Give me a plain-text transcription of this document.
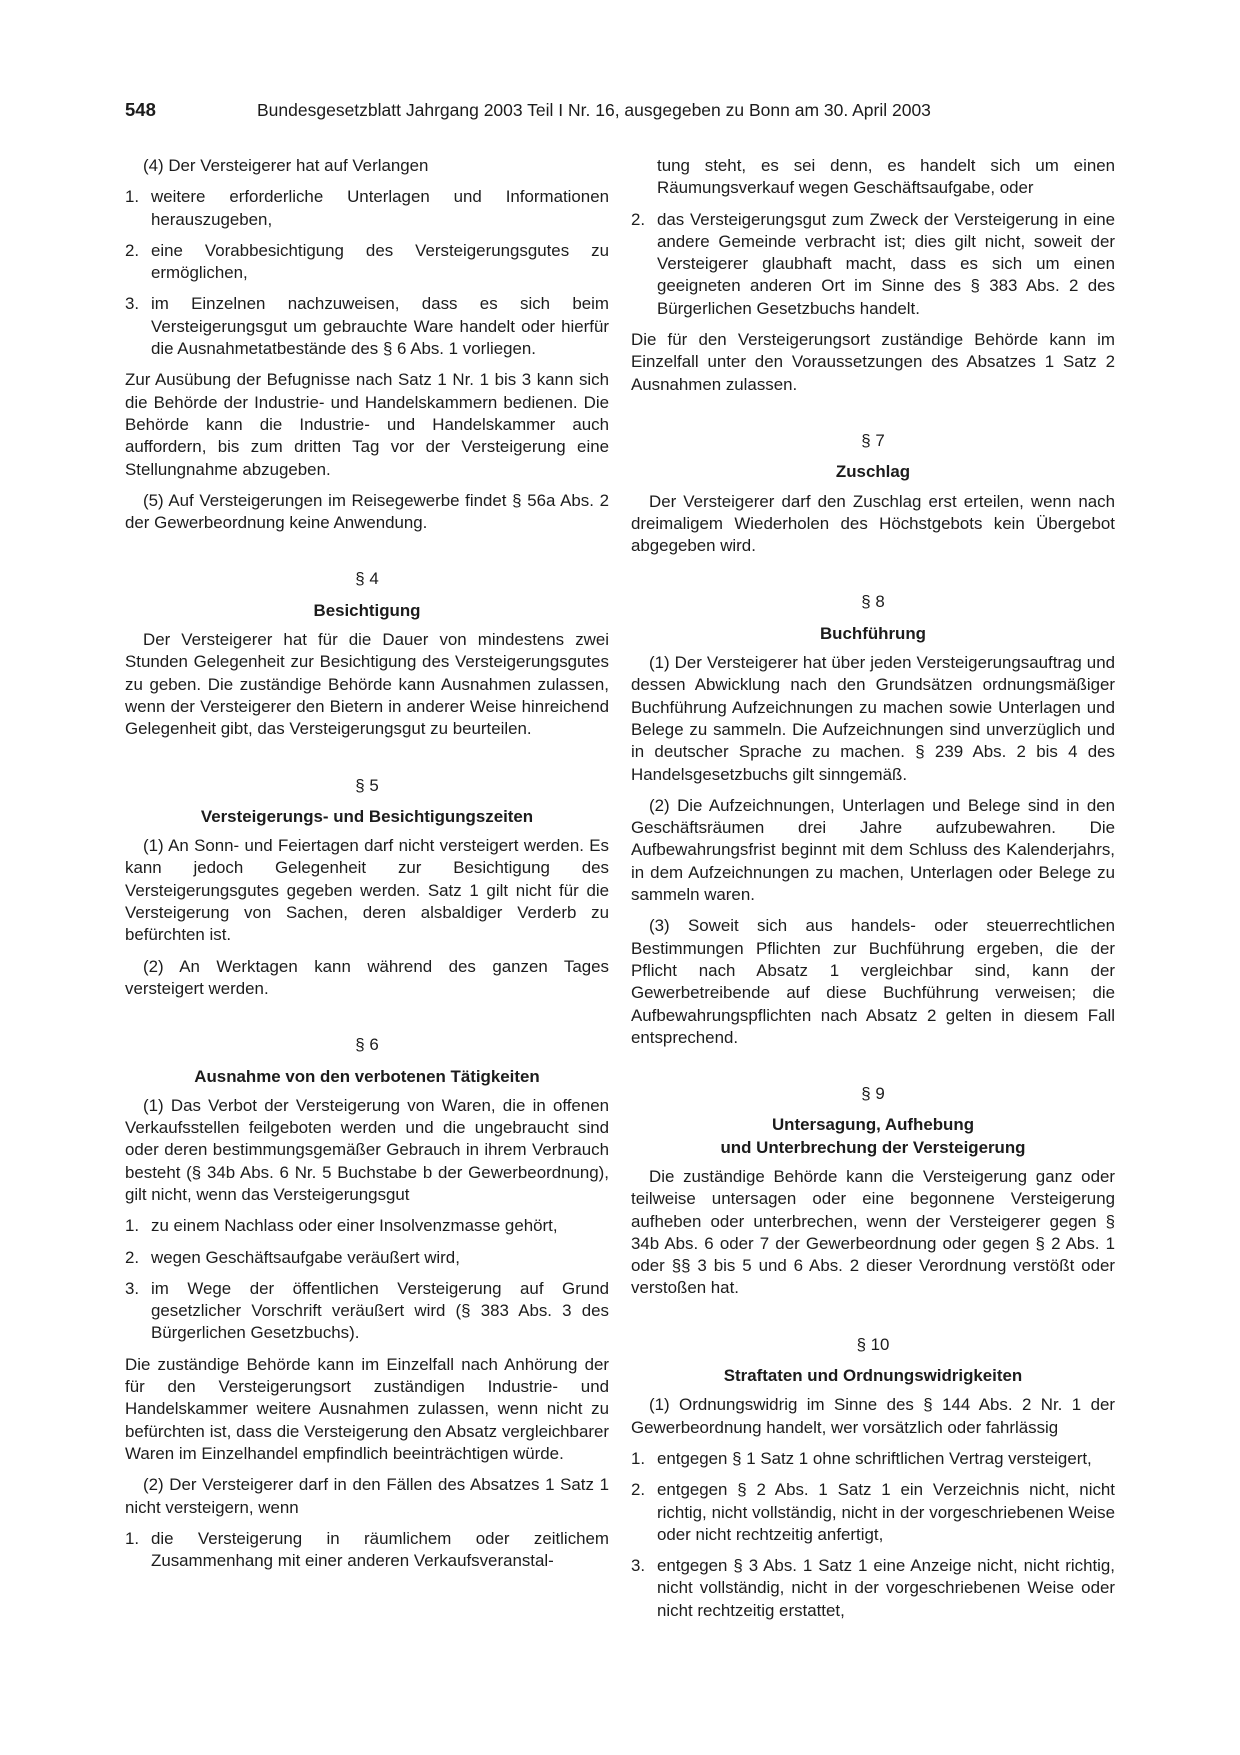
548	Bundesgesetzblatt Jahrgang 2003 Teil I Nr. 16, ausgegeben zu Bonn am 30. April 2003

(4) Der Versteigerer hat auf Verlangen

1. weitere erforderliche Unterlagen und Informationen herauszugeben,
2. eine Vorabbesichtigung des Versteigerungsgutes zu ermöglichen,
3. im Einzelnen nachzuweisen, dass es sich beim Versteigerungsgut um gebrauchte Ware handelt oder hierfür die Ausnahmetatbestände des § 6 Abs. 1 vorliegen.

Zur Ausübung der Befugnisse nach Satz 1 Nr. 1 bis 3 kann sich die Behörde der Industrie- und Handelskammern bedienen. Die Behörde kann die Industrie- und Handelskammer auch auffordern, bis zum dritten Tag vor der Versteigerung eine Stellungnahme abzugeben.

(5) Auf Versteigerungen im Reisegewerbe findet § 56a Abs. 2 der Gewerbeordnung keine Anwendung.

§ 4
Besichtigung

Der Versteigerer hat für die Dauer von mindestens zwei Stunden Gelegenheit zur Besichtigung des Versteigerungsgutes zu geben. Die zuständige Behörde kann Ausnahmen zulassen, wenn der Versteigerer den Bietern in anderer Weise hinreichend Gelegenheit gibt, das Versteigerungsgut zu beurteilen.

§ 5
Versteigerungs- und Besichtigungszeiten

(1) An Sonn- und Feiertagen darf nicht versteigert werden. Es kann jedoch Gelegenheit zur Besichtigung des Versteigerungsgutes gegeben werden. Satz 1 gilt nicht für die Versteigerung von Sachen, deren alsbaldiger Verderb zu befürchten ist.

(2) An Werktagen kann während des ganzen Tages versteigert werden.

§ 6
Ausnahme von den verbotenen Tätigkeiten

(1) Das Verbot der Versteigerung von Waren, die in offenen Verkaufsstellen feilgeboten werden und die ungebraucht sind oder deren bestimmungsgemäßer Gebrauch in ihrem Verbrauch besteht (§ 34b Abs. 6 Nr. 5 Buchstabe b der Gewerbeordnung), gilt nicht, wenn das Versteigerungsgut

1. zu einem Nachlass oder einer Insolvenzmasse gehört,
2. wegen Geschäftsaufgabe veräußert wird,
3. im Wege der öffentlichen Versteigerung auf Grund gesetzlicher Vorschrift veräußert wird (§ 383 Abs. 3 des Bürgerlichen Gesetzbuchs).

Die zuständige Behörde kann im Einzelfall nach Anhörung der für den Versteigerungsort zuständigen Industrie- und Handelskammer weitere Ausnahmen zulassen, wenn nicht zu befürchten ist, dass die Versteigerung den Absatz vergleichbarer Waren im Einzelhandel empfindlich beeinträchtigen würde.

(2) Der Versteigerer darf in den Fällen des Absatzes 1 Satz 1 nicht versteigern, wenn

1. die Versteigerung in räumlichem oder zeitlichem Zusammenhang mit einer anderen Verkaufsveranstal-
tung steht, es sei denn, es handelt sich um einen Räumungsverkauf wegen Geschäftsaufgabe, oder
2. das Versteigerungsgut zum Zweck der Versteigerung in eine andere Gemeinde verbracht ist; dies gilt nicht, soweit der Versteigerer glaubhaft macht, dass es sich um einen geeigneten anderen Ort im Sinne des § 383 Abs. 2 des Bürgerlichen Gesetzbuchs handelt.

Die für den Versteigerungsort zuständige Behörde kann im Einzelfall unter den Voraussetzungen des Absatzes 1 Satz 2 Ausnahmen zulassen.

§ 7
Zuschlag

Der Versteigerer darf den Zuschlag erst erteilen, wenn nach dreimaligem Wiederholen des Höchstgebots kein Übergebot abgegeben wird.

§ 8
Buchführung

(1) Der Versteigerer hat über jeden Versteigerungsauftrag und dessen Abwicklung nach den Grundsätzen ordnungsmäßiger Buchführung Aufzeichnungen zu machen sowie Unterlagen und Belege zu sammeln. Die Aufzeichnungen sind unverzüglich und in deutscher Sprache zu machen. § 239 Abs. 2 bis 4 des Handelsgesetzbuchs gilt sinngemäß.

(2) Die Aufzeichnungen, Unterlagen und Belege sind in den Geschäftsräumen drei Jahre aufzubewahren. Die Aufbewahrungsfrist beginnt mit dem Schluss des Kalenderjahrs, in dem Aufzeichnungen zu machen, Unterlagen oder Belege zu sammeln waren.

(3) Soweit sich aus handels- oder steuerrechtlichen Bestimmungen Pflichten zur Buchführung ergeben, die der Pflicht nach Absatz 1 vergleichbar sind, kann der Gewerbetreibende auf diese Buchführung verweisen; die Aufbewahrungspflichten nach Absatz 2 gelten in diesem Fall entsprechend.

§ 9
Untersagung, Aufhebung
und Unterbrechung der Versteigerung

Die zuständige Behörde kann die Versteigerung ganz oder teilweise untersagen oder eine begonnene Versteigerung aufheben oder unterbrechen, wenn der Versteigerer gegen § 34b Abs. 6 oder 7 der Gewerbeordnung oder gegen § 2 Abs. 1 oder §§ 3 bis 5 und 6 Abs. 2 dieser Verordnung verstößt oder verstoßen hat.

§ 10
Straftaten und Ordnungswidrigkeiten

(1) Ordnungswidrig im Sinne des § 144 Abs. 2 Nr. 1 der Gewerbeordnung handelt, wer vorsätzlich oder fahrlässig

1. entgegen § 1 Satz 1 ohne schriftlichen Vertrag versteigert,
2. entgegen § 2 Abs. 1 Satz 1 ein Verzeichnis nicht, nicht richtig, nicht vollständig, nicht in der vorgeschriebenen Weise oder nicht rechtzeitig anfertigt,
3. entgegen § 3 Abs. 1 Satz 1 eine Anzeige nicht, nicht richtig, nicht vollständig, nicht in der vorgeschriebenen Weise oder nicht rechtzeitig erstattet,
